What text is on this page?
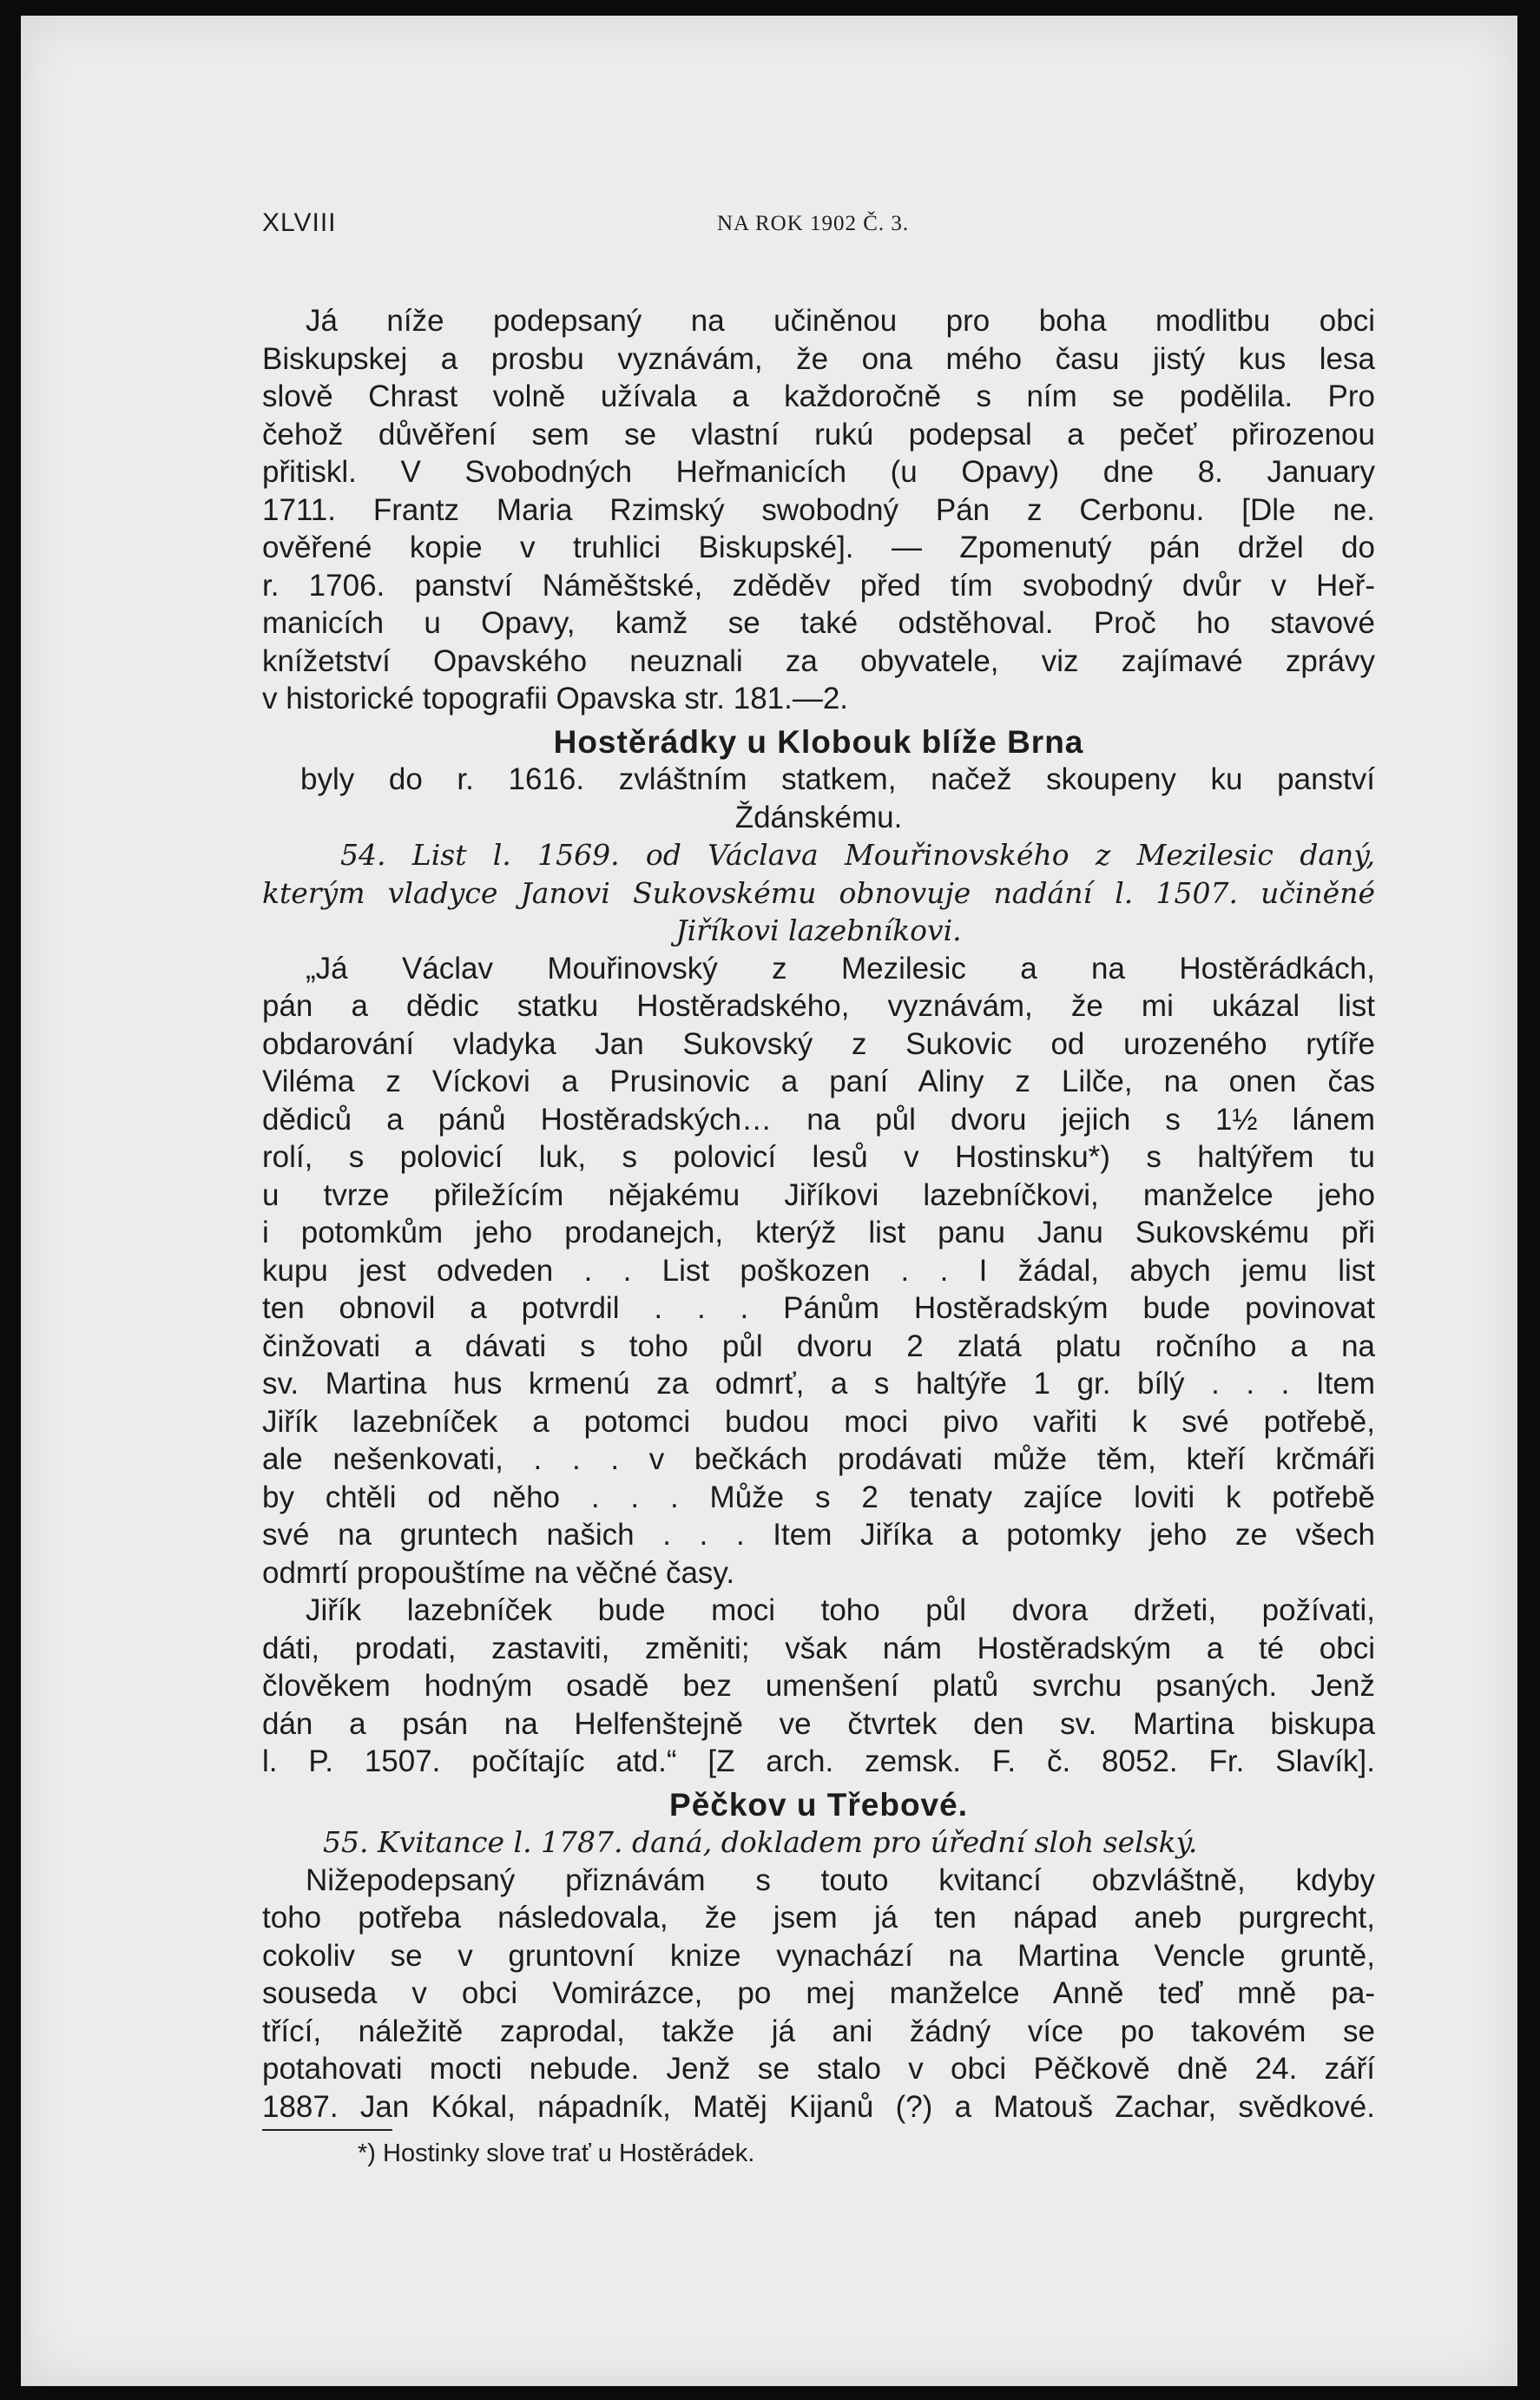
XLVIII	NA ROK 1902 Č. 3.
Já níže podepsaný na učiněnou pro boha modlitbu obci
Biskupskej a prosbu vyznávám, že ona mého času jistý kus lesa
slově Chrast volně užívala a každoročně s ním se podělila. Pro
čehož důvěření sem se vlastní rukú podepsal a pečeť přirozenou
přitiskl. V Svobodných Heřmanicích (u Opavy) dne 8. January
1711. Frantz Maria Rzimský swobodný Pán z Cerbonu. [Dle ne.
ověřené kopie v truhlici Biskupské]. — Zpomenutý pán držel do
r. 1706. panství Náměštské, zděděv před tím svobodný dvůr v Heř-
manicích u Opavy, kamž se také odstěhoval. Proč ho stavové
knížetství Opavského neuznali za obyvatele, viz zajímavé zprávy
v historické topografii Opavska str. 181.—2.
Hostěrádky u Klobouk blíže Brna
byly do r. 1616. zvláštním statkem, načež skoupeny ku panství
Ždánskému.
54. List l. 1569. od Václava Mouřinovského z Mezilesic daný,
kterým vladyce Janovi Sukovskému obnovuje nadání l. 1507. učiněné
Jiříkovi lazebníkovi.
„Já Václav Mouřinovský z Mezilesic a na Hostěrádkách,
pán a dědic statku Hostěradského, vyznávám, že mi ukázal list
obdarování vladyka Jan Sukovský z Sukovic od urozeného rytíře
Viléma z Víckovi a Prusinovic a paní Aliny z Lilče, na onen čas
dědiců a pánů Hostěradských… na půl dvoru jejich s 1½ lánem
rolí, s polovicí luk, s polovicí lesů v Hostinsku*) s haltýřem tu
u tvrze přiležícím nějakému Jiříkovi lazebníčkovi, manželce jeho
i potomkům jeho prodanejch, kterýž list panu Janu Sukovskému při
kupu jest odveden . . List poškozen . . I žádal, abych jemu list
ten obnovil a potvrdil . . . Pánům Hostěradským bude povinovat
činžovati a dávati s toho půl dvoru 2 zlatá platu ročního a na
sv. Martina hus krmenú za odmrť, a s haltýře 1 gr. bílý . . . Item
Jiřík lazebníček a potomci budou moci pivo vařiti k své potřebě,
ale nešenkovati, . . . v bečkách prodávati může těm, kteří krčmáři
by chtěli od něho . . . Může s 2 tenaty zajíce loviti k potřebě
své na gruntech našich . . . Item Jiříka a potomky jeho ze všech
odmrtí propouštíme na věčné časy.
Jiřík lazebníček bude moci toho půl dvora držeti, požívati,
dáti, prodati, zastaviti, změniti; však nám Hostěradským a té obci
člověkem hodným osadě bez umenšení platů svrchu psaných. Jenž
dán a psán na Helfenštejně ve čtvrtek den sv. Martina biskupa
l. P. 1507. počítajíc atd.“ [Z arch. zemsk. F. č. 8052. Fr. Slavík].
Pěčkov u Třebové.
55. Kvitance l. 1787. daná, dokladem pro úřední sloh selský.
Nižepodepsaný přiznávám s touto kvitancí obzvláštně, kdyby
toho potřeba následovala, že jsem já ten nápad aneb purgrecht,
cokoliv se v gruntovní knize vynachází na Martina Vencle gruntě,
souseda v obci Vomirázce, po mej manželce Anně teď mně pa-
třící, náležitě zaprodal, takže já ani žádný více po takovém se
potahovati mocti nebude. Jenž se stalo v obci Pěčkově dně 24. září
1887. Jan Kókal, nápadník, Matěj Kijanů (?) a Matouš Zachar, svědkové.
*) Hostinky slove trať u Hostěrádek.
